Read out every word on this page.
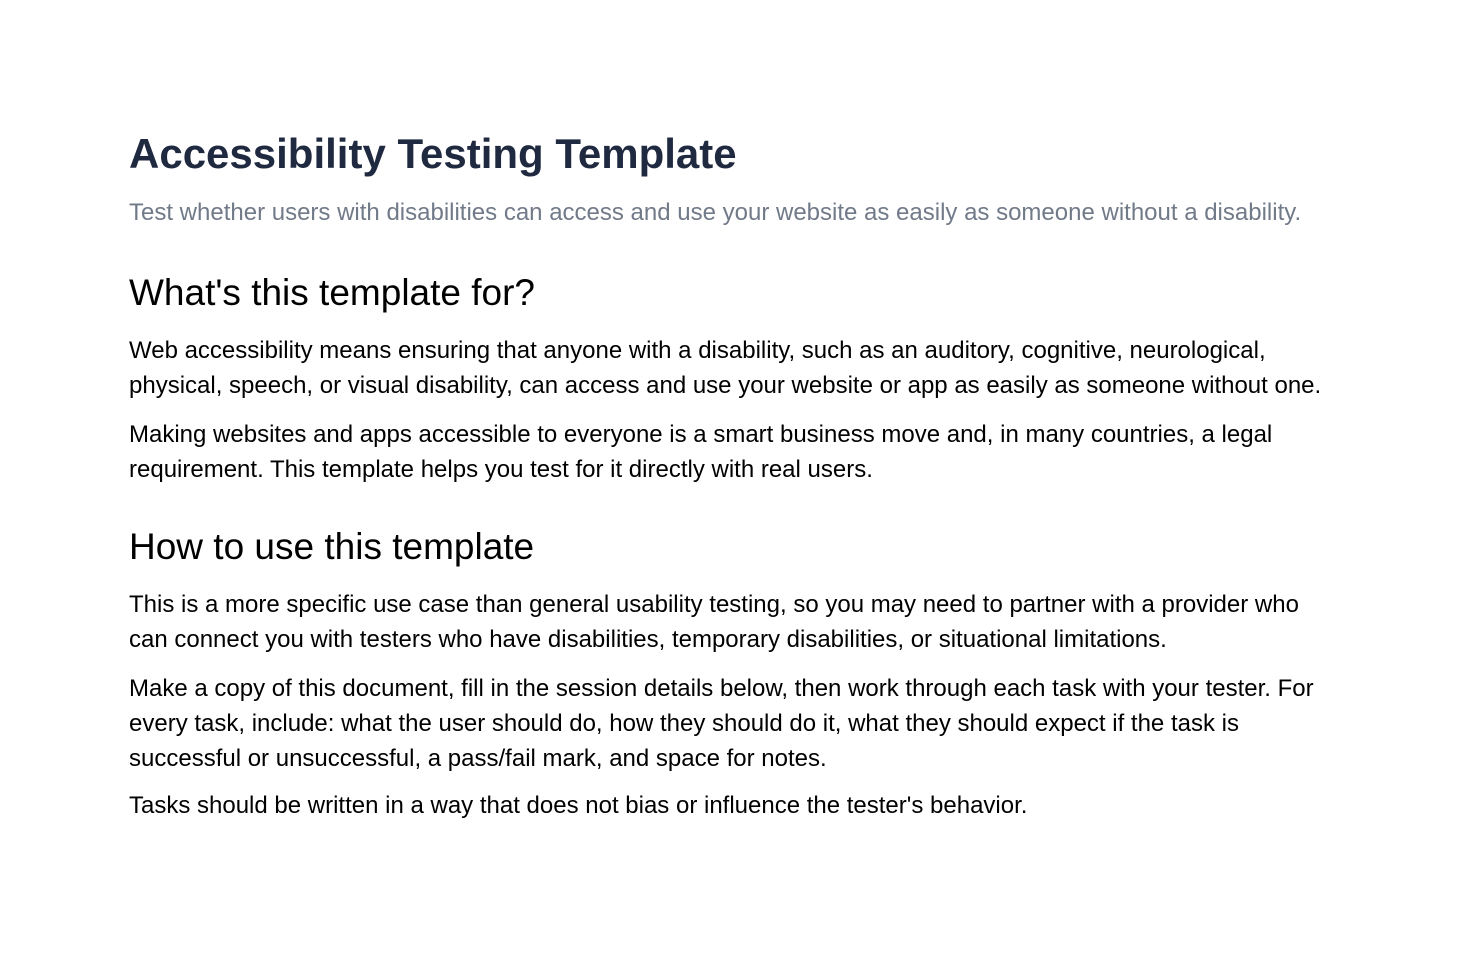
Accessibility Testing Template

Test whether users with disabilities can access and use your website as easily as someone without a disability.

What's this template for?

Web accessibility means ensuring that anyone with a disability, such as an auditory, cognitive, neurological, physical, speech, or visual disability, can access and use your website or app as easily as someone without one.

Making websites and apps accessible to everyone is a smart business move and, in many countries, a legal requirement. This template helps you test for it directly with real users.

How to use this template

This is a more specific use case than general usability testing, so you may need to partner with a provider who can connect you with testers who have disabilities, temporary disabilities, or situational limitations.

Make a copy of this document, fill in the session details below, then work through each task with your tester. For every task, include: what the user should do, how they should do it, what they should expect if the task is successful or unsuccessful, a pass/fail mark, and space for notes.

Tasks should be written in a way that does not bias or influence the tester's behavior.
